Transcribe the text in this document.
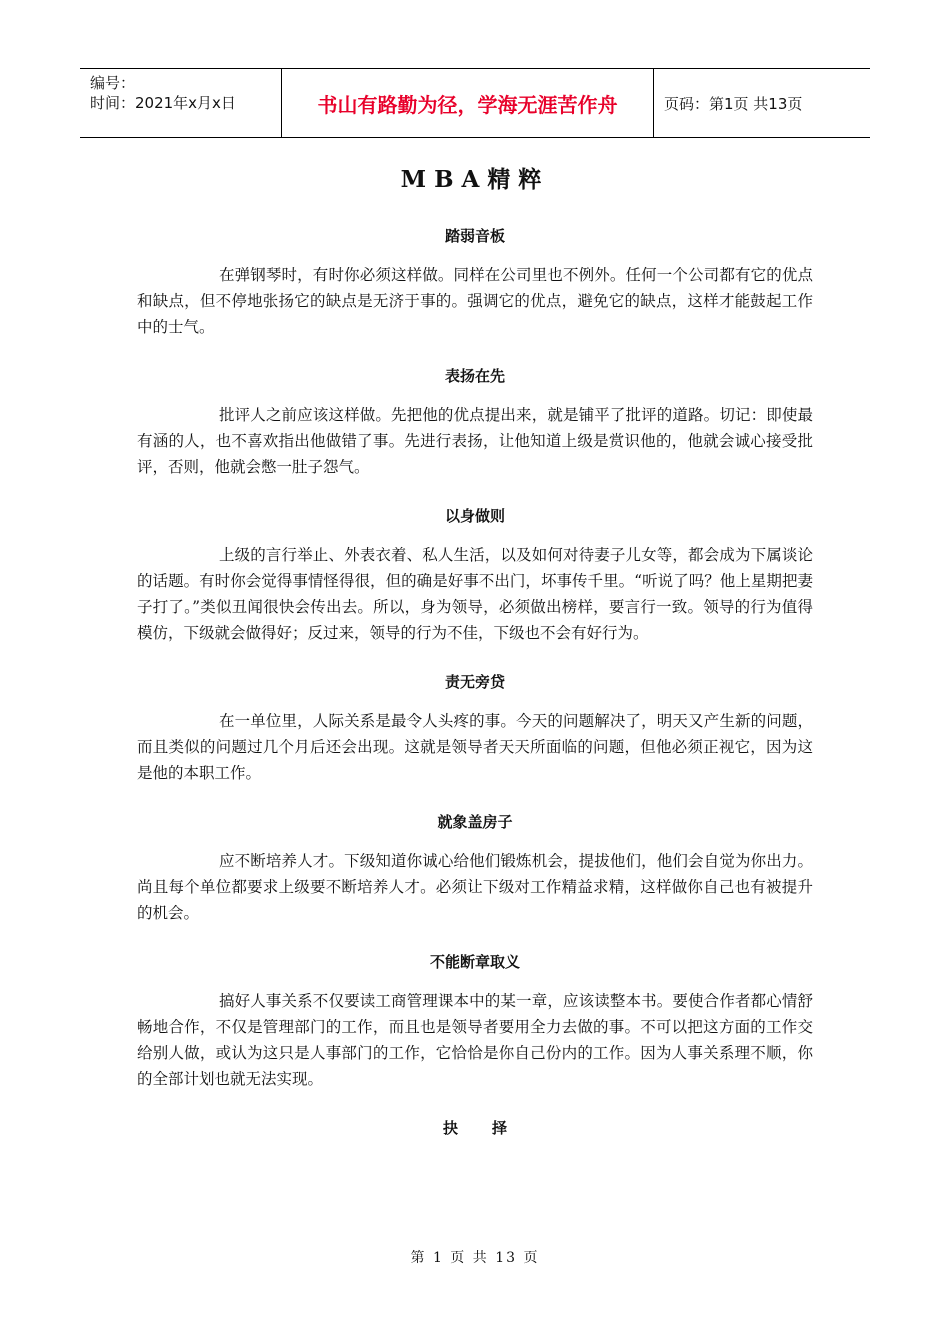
编号：
时间：2021年x月x日	书山有路勤为径，学海无涯苦作舟	页码：第1页 共13页
MBA精粹
踏弱音板
在弹钢琴时，有时你必须这样做。同样在公司里也不例外。任何一个公司都有它的优点和缺点，但不停地张扬它的缺点是无济于事的。强调它的优点，避免它的缺点，这样才能鼓起工作中的士气。
表扬在先
批评人之前应该这样做。先把他的优点提出来，就是铺平了批评的道路。切记：即使最有涵的人，也不喜欢指出他做错了事。先进行表扬，让他知道上级是赏识他的，他就会诚心接受批评，否则，他就会憋一肚子怨气。
以身做则
上级的言行举止、外表衣着、私人生活，以及如何对待妻子儿女等，都会成为下属谈论的话题。有时你会觉得事情怪得很，但的确是好事不出门，坏事传千里。“听说了吗？他上星期把妻子打了。”类似丑闻很快会传出去。所以，身为领导，必须做出榜样，要言行一致。领导的行为值得模仿，下级就会做得好；反过来，领导的行为不佳，下级也不会有好行为。
责无旁贷
在一单位里，人际关系是最令人头疼的事。今天的问题解决了，明天又产生新的问题，而且类似的问题过几个月后还会出现。这就是领导者天天所面临的问题，但他必须正视它，因为这是他的本职工作。
就象盖房子
应不断培养人才。下级知道你诚心给他们锻炼机会，提拔他们，他们会自觉为你出力。尚且每个单位都要求上级要不断培养人才。必须让下级对工作精益求精，这样做你自己也有被提升的机会。
不能断章取义
搞好人事关系不仅要读工商管理课本中的某一章，应该读整本书。要使合作者都心情舒畅地合作，不仅是管理部门的工作，而且也是领导者要用全力去做的事。不可以把这方面的工作交给别人做，或认为这只是人事部门的工作，它恰恰是你自己份内的工作。因为人事关系理不顺，你的全部计划也就无法实现。
抉择
第 1 页 共 13 页
